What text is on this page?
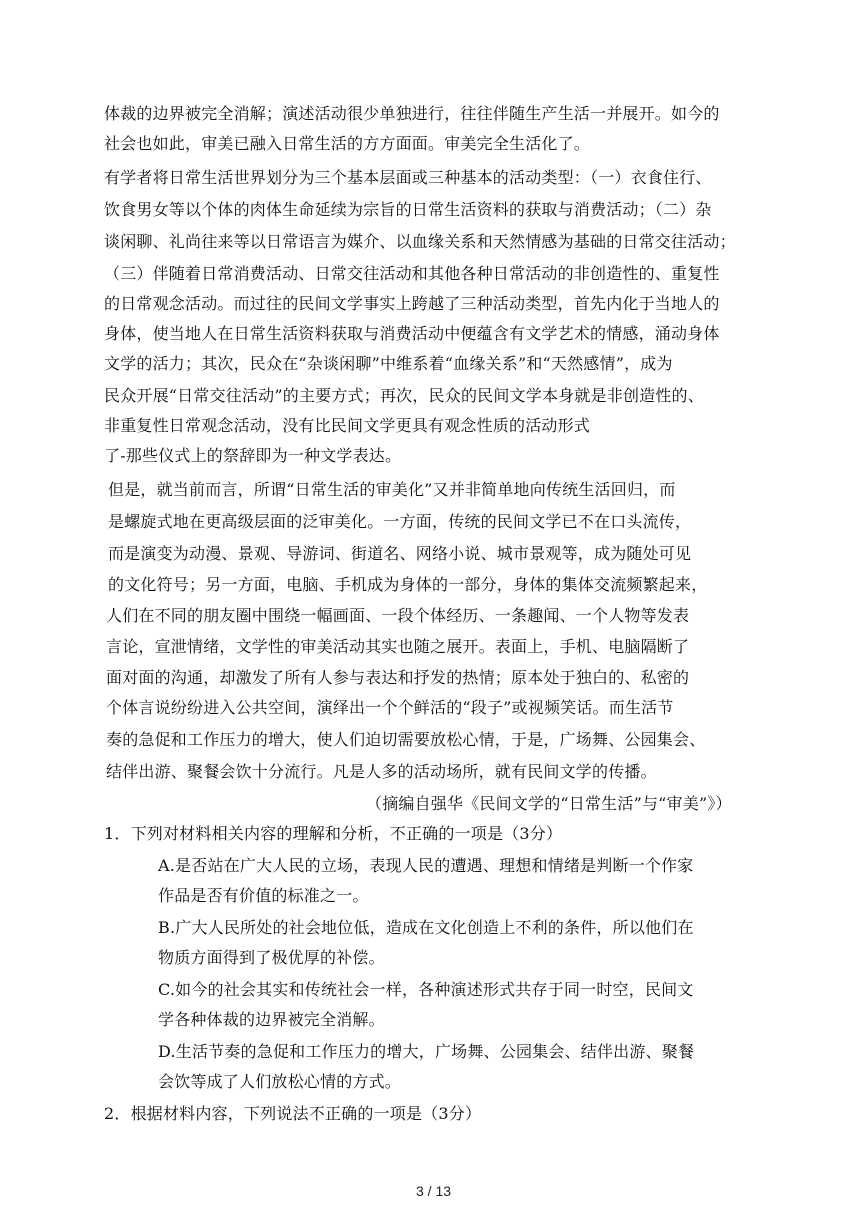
体裁的边界被完全消解；演述活动很少单独进行，往往伴随生产生活一并展开。如今的
社会也如此，审美已融入日常生活的方方面面。审美完全生活化了。
有学者将日常生活世界划分为三个基本层面或三种基本的活动类型：（一）衣食住行、
饮食男女等以个体的肉体生命延续为宗旨的日常生活资料的获取与消费活动；（二）杂
谈闲聊、礼尚往来等以日常语言为媒介、以血缘关系和天然情感为基础的日常交往活动；
（三）伴随着日常消费活动、日常交往活动和其他各种日常活动的非创造性的、重复性
的日常观念活动。而过往的民间文学事实上跨越了三种活动类型，首先内化于当地人的
身体，使当地人在日常生活资料获取与消费活动中便蕴含有文学艺术的情感，涌动身体
文学的活力；其次，民众在“杂谈闲聊”中维系着“血缘关系”和“天然感情”，成为
民众开展“日常交往活动”的主要方式；再次，民众的民间文学本身就是非创造性的、
非重复性日常观念活动，没有比民间文学更具有观念性质的活动形式
了-那些仪式上的祭辞即为一种文学表达。
但是，就当前而言，所谓“日常生活的审美化”又并非简单地向传统生活回归，而
是螺旋式地在更高级层面的泛审美化。一方面，传统的民间文学已不在口头流传，
而是演变为动漫、景观、导游词、街道名、网络小说、城市景观等，成为随处可见
的文化符号；另一方面，电脑、手机成为身体的一部分，身体的集体交流频繁起来，
人们在不同的朋友圈中围绕一幅画面、一段个体经历、一条趣闻、一个人物等发表
言论，宣泄情绪，文学性的审美活动其实也随之展开。表面上，手机、电脑隔断了
面对面的沟通，却激发了所有人参与表达和抒发的热情；原本处于独白的、私密的
个体言说纷纷进入公共空间，演绎出一个个鲜活的“段子”或视频笑话。而生活节
奏的急促和工作压力的增大，使人们迫切需要放松心情，于是，广场舞、公园集会、
结伴出游、聚餐会饮十分流行。凡是人多的活动场所，就有民间文学的传播。
（摘编自强华《民间文学的“日常生活”与“审美”》）
1．下列对材料相关内容的理解和分析，不正确的一项是（3分）
A.是否站在广大人民的立场，表现人民的遭遇、理想和情绪是判断一个作家
作品是否有价值的标准之一。
B.广大人民所处的社会地位低，造成在文化创造上不利的条件，所以他们在
物质方面得到了极优厚的补偿。
C.如今的社会其实和传统社会一样，各种演述形式共存于同一时空，民间文
学各种体裁的边界被完全消解。
D.生活节奏的急促和工作压力的增大，广场舞、公园集会、结伴出游、聚餐
会饮等成了人们放松心情的方式。
2．根据材料内容，下列说法不正确的一项是（3分）
3 / 13
